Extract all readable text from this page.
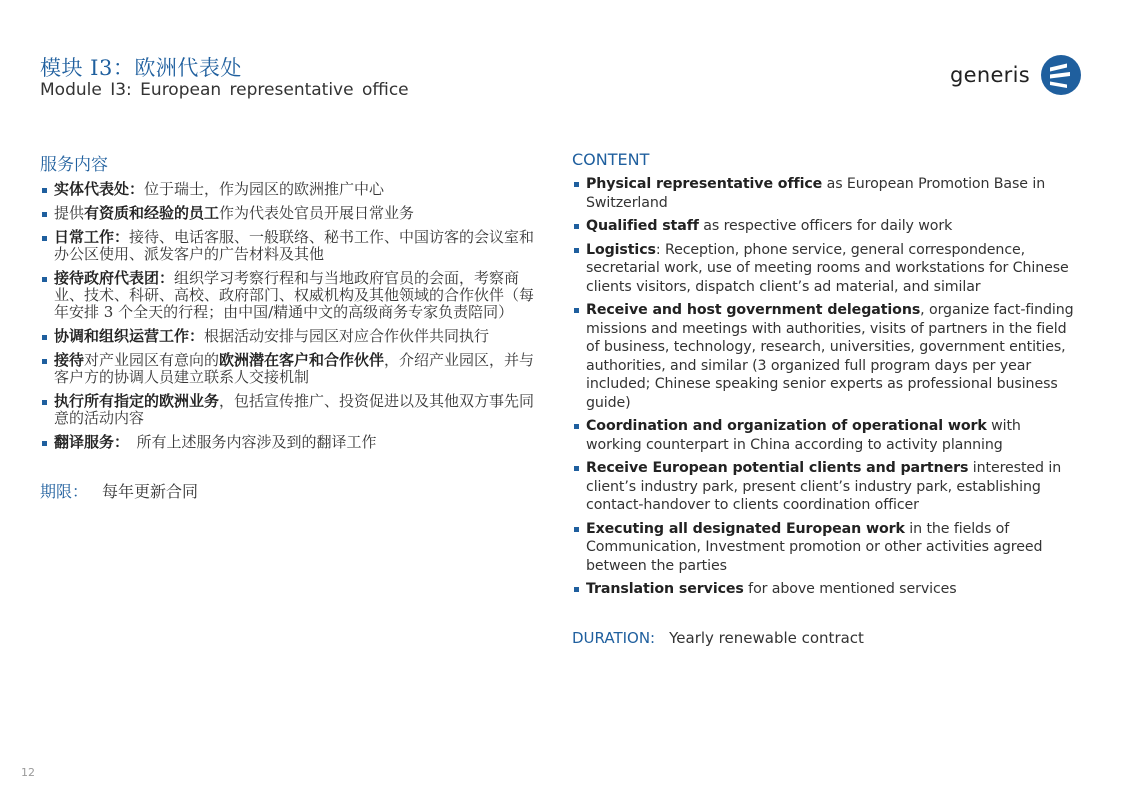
模块 I3：欧洲代表处
Module I3: European representative office
generis
服务内容
实体代表处：位于瑞士，作为园区的欧洲推广中心
提供有资质和经验的员工作为代表处官员开展日常业务
日常工作：接待、电话客服、一般联络、秘书工作、中国访客的会议室和办公区使用、派发客户的广告材料及其他
接待政府代表团：组织学习考察行程和与当地政府官员的会面，考察商业、技术、科研、高校、政府部门、权威机构及其他领域的合作伙伴（每年安排 3 个全天的行程；由中国/精通中文的高级商务专家负责陪同）
协调和组织运营工作：根据活动安排与园区对应合作伙伴共同执行
接待对产业园区有意向的欧洲潜在客户和合作伙伴，介绍产业园区，并与客户方的协调人员建立联系人交接机制
执行所有指定的欧洲业务，包括宣传推广、投资促进以及其他双方事先同意的活动内容
翻译服务：　所有上述服务内容涉及到的翻译工作
期限： 每年更新合同
CONTENT
Physical representative office as European Promotion Base in Switzerland
Qualified staff as respective officers for daily work
Logistics: Reception, phone service, general correspondence, secretarial work, use of meeting rooms and workstations for Chinese clients visitors, dispatch client’s ad material, and similar
Receive and host government delegations, organize fact-finding missions and meetings with authorities, visits of partners in the field of business, technology, research, universities, government entities, authorities, and similar (3 organized full program days per year included; Chinese speaking senior experts as professional business guide)
Coordination and organization of operational work with working counterpart in China according to activity planning
Receive European potential clients and partners interested in client’s industry park, present client’s industry park, establishing contact-handover to clients coordination officer
Executing all designated European work in the fields of Communication, Investment promotion or other activities agreed between the parties
Translation services for above mentioned services
DURATION: Yearly renewable contract
12
